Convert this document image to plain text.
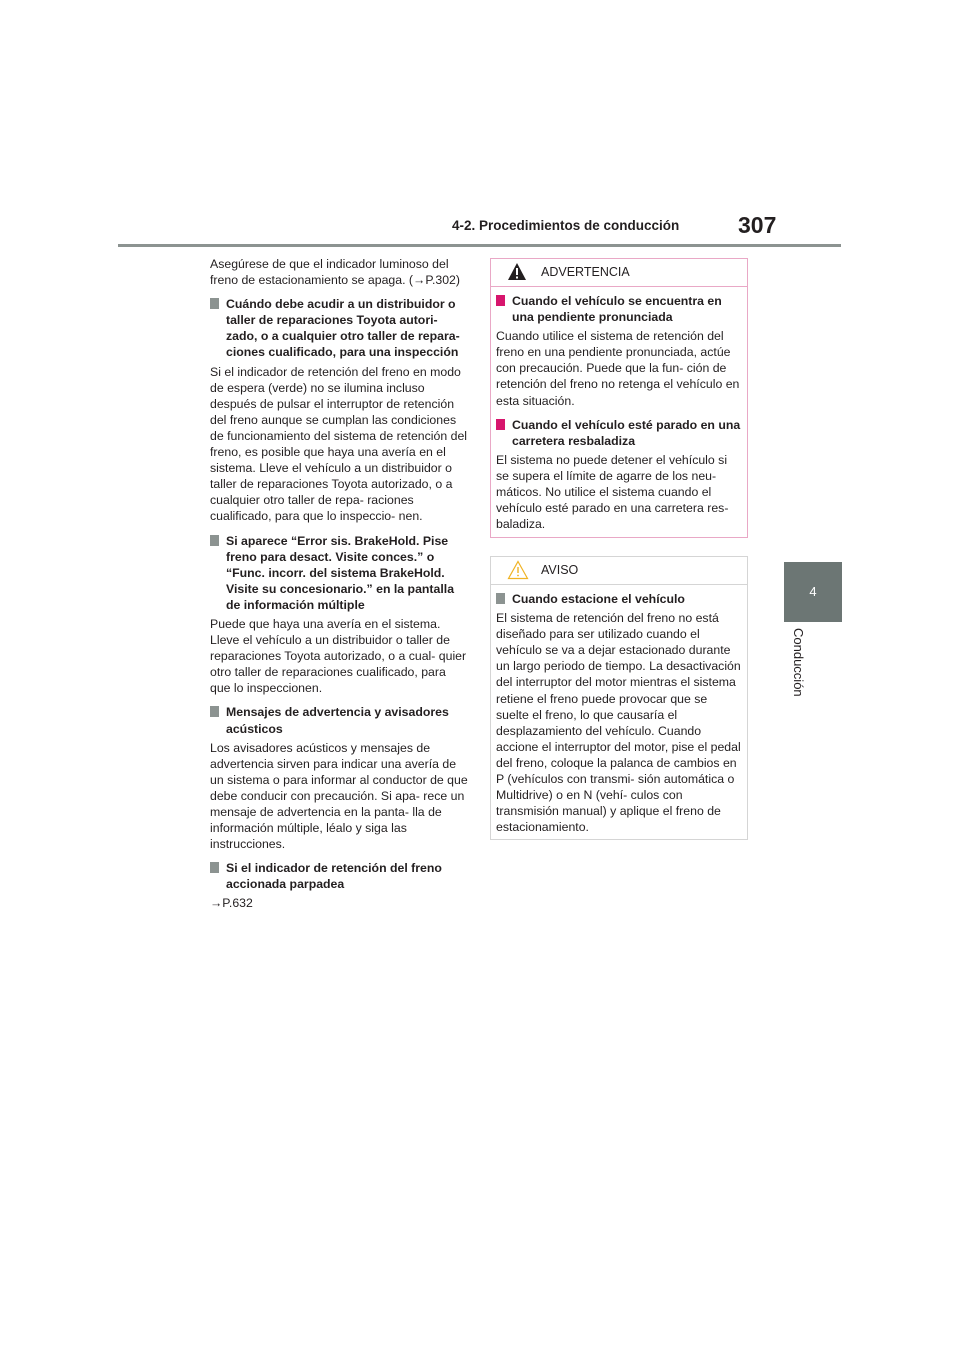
4-2. Procedimientos de conducción	307
4
Conducción

Asegúrese de que el indicador luminoso del freno de estacionamiento se apaga. (→P.302)

Cuándo debe acudir a un distribuidor o taller de reparaciones Toyota autori- zado, o a cualquier otro taller de repara- ciones cualificado, para una inspección

Si el indicador de retención del freno en modo de espera (verde) no se ilumina incluso después de pulsar el interruptor de retención del freno aunque se cumplan las condiciones de funcionamiento del sistema de retención del freno, es posible que haya una avería en el sistema. Lleve el vehículo a un distribuidor o taller de reparaciones Toyota autorizado, o a cualquier otro taller de repa- raciones cualificado, para que lo inspeccio- nen.

Si aparece “Error sis. BrakeHold. Pise freno para desact. Visite conces.” o “Func. incorr. del sistema BrakeHold. Visite su concesionario.” en la pantalla de información múltiple

Puede que haya una avería en el sistema. Lleve el vehículo a un distribuidor o taller de reparaciones Toyota autorizado, o a cual- quier otro taller de reparaciones cualificado, para que lo inspeccionen.

Mensajes de advertencia y avisadores acústicos

Los avisadores acústicos y mensajes de advertencia sirven para indicar una avería de un sistema o para informar al conductor de que debe conducir con precaución. Si apa- rece un mensaje de advertencia en la panta- lla de información múltiple, léalo y siga las instrucciones.

Si el indicador de retención del freno accionada parpadea

→P.632

ADVERTENCIA
Cuando el vehículo se encuentra en una pendiente pronunciada

Cuando utilice el sistema de retención del freno en una pendiente pronunciada, actúe con precaución. Puede que la fun- ción de retención del freno no retenga el vehículo en esta situación.

Cuando el vehículo esté parado en una carretera resbaladiza

El sistema no puede detener el vehículo si se supera el límite de agarre de los neu- máticos. No utilice el sistema cuando el vehículo esté parado en una carretera res- baladiza.

AVISO
Cuando estacione el vehículo

El sistema de retención del freno no está diseñado para ser utilizado cuando el vehículo se va a dejar estacionado durante un largo periodo de tiempo. La desactivación del interruptor del motor mientras el sistema retiene el freno puede provocar que se suelte el freno, lo que causaría el desplazamiento del vehículo. Cuando accione el interruptor del motor, pise el pedal del freno, coloque la palanca de cambios en P (vehículos con transmi- sión automática o Multidrive) o en N (vehí- culos con transmisión manual) y aplique el freno de estacionamiento.
